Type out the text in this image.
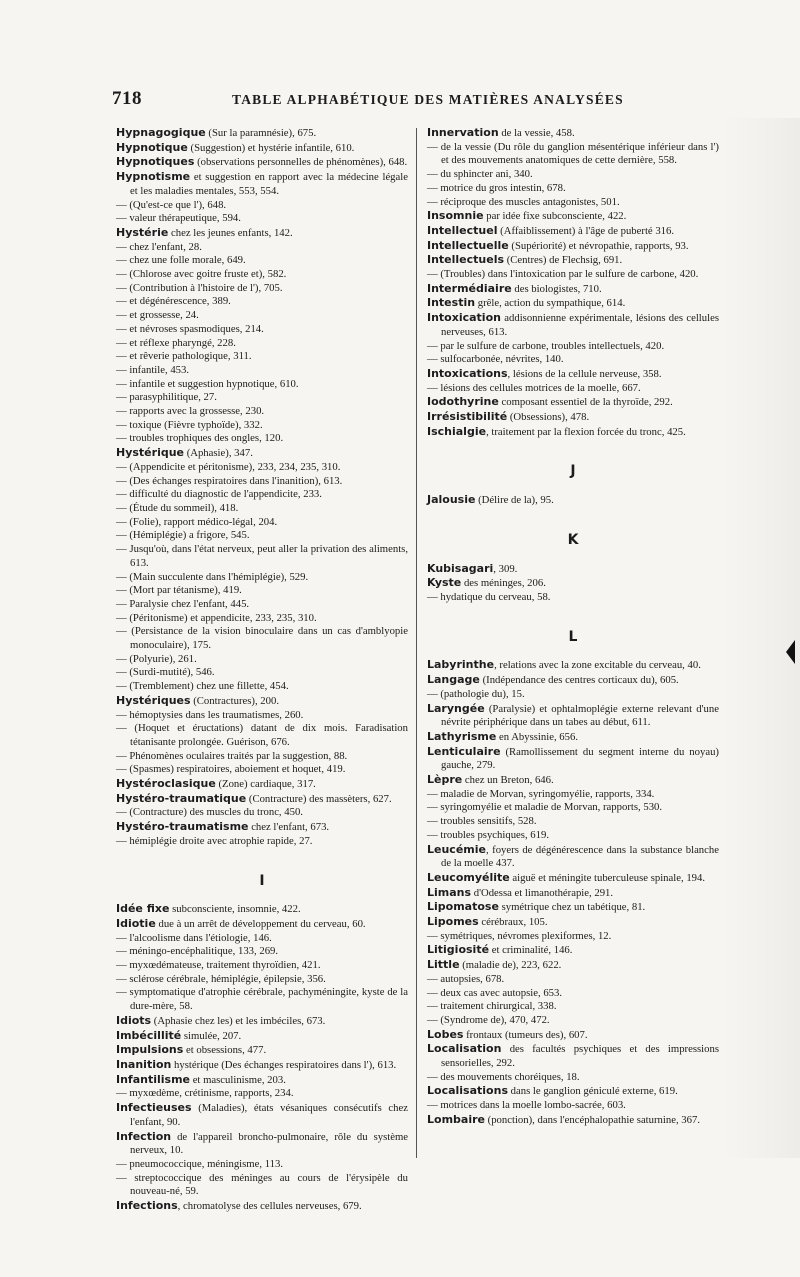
718	TABLE ALPHABÉTIQUE DES MATIÈRES ANALYSÉES

Hypnagogique (Sur la paramnésie), 675.

Hypnotique (Suggestion) et hystérie infantile, 610.

Hypnotiques (observations personnelles de phénomènes), 648.

Hypnotisme et suggestion en rapport avec la médecine légale et les maladies mentales, 553, 554.

— (Qu'est-ce que l'), 648.

— valeur thérapeutique, 594.

Hystérie chez les jeunes enfants, 142.

— chez l'enfant, 28.

— chez une folle morale, 649.

— (Chlorose avec goitre fruste et), 582.

— (Contribution à l'histoire de l'), 705.

— et dégénérescence, 389.

— et grossesse, 24.

— et névroses spasmodiques, 214.

— et réflexe pharyngé, 228.

— et rêverie pathologique, 311.

— infantile, 453.

— infantile et suggestion hypnotique, 610.

— parasyphilitique, 27.

— rapports avec la grossesse, 230.

— toxique (Fièvre typhoïde), 332.

— troubles trophiques des ongles, 120.

Hystérique (Aphasie), 347.

— (Appendicite et péritonisme), 233, 234, 235, 310.

— (Des échanges respiratoires dans l'inanition), 613.

— difficulté du diagnostic de l'appendicite, 233.

— (Étude du sommeil), 418.

— (Folie), rapport médico-légal, 204.

— (Hémiplégie) a frigore, 545.

— Jusqu'où, dans l'état nerveux, peut aller la privation des aliments, 613.

— (Main succulente dans l'hémiplégie), 529.

— (Mort par tétanisme), 419.

— Paralysie chez l'enfant, 445.

— (Péritonisme) et appendicite, 233, 235, 310.

— (Persistance de la vision binoculaire dans un cas d'amblyopie monoculaire), 175.

— (Polyurie), 261.

— (Surdi-mutité), 546.

— (Tremblement) chez une fillette, 454.

Hystériques (Contractures), 200.

— hémoptysies dans les traumatismes, 260.

— (Hoquet et éructations) datant de dix mois. Faradisation tétanisante prolongée. Guérison, 676.

— Phénomènes oculaires traités par la suggestion, 88.

— (Spasmes) respiratoires, aboiement et hoquet, 419.

Hystéroclasique (Zone) cardiaque, 317.

Hystéro-traumatique (Contracture) des massèters, 627.

— (Contracture) des muscles du tronc, 450.

Hystéro-traumatisme chez l'enfant, 673.

— hémiplégie droite avec atrophie rapide, 27.

I

Idée fixe subconsciente, insomnie, 422.

Idiotie due à un arrêt de développement du cerveau, 60.

— l'alcoolisme dans l'étiologie, 146.

— méningo-encéphalitique, 133, 269.

— myxœdémateuse, traitement thyroïdien, 421.

— sclérose cérébrale, hémiplégie, épilepsie, 356.

— symptomatique d'atrophie cérébrale, pachyméningite, kyste de la dure-mère, 58.

Idiots (Aphasie chez les) et les imbéciles, 673.

Imbécillité simulée, 207.

Impulsions et obsessions, 477.

Inanition hystérique (Des échanges respiratoires dans l'), 613.

Infantilisme et masculinisme, 203.

— myxœdème, crétinisme, rapports, 234.

Infectieuses (Maladies), états vésaniques consécutifs chez l'enfant, 90.

Infection de l'appareil broncho-pulmonaire, rôle du système nerveux, 10.

— pneumococcique, méningisme, 113.

— streptococcique des méninges au cours de l'érysipèle du nouveau-né, 59.

Infections, chromatolyse des cellules nerveuses, 679.

Innervation de la vessie, 458.

— de la vessie (Du rôle du ganglion mésentérique inférieur dans l') et des mouvements anatomiques de cette dernière, 558.

— du sphincter ani, 340.

— motrice du gros intestin, 678.

— réciproque des muscles antagonistes, 501.

Insomnie par idée fixe subconsciente, 422.

Intellectuel (Affaiblissement) à l'âge de puberté 316.

Intellectuelle (Supériorité) et névropathie, rapports, 93.

Intellectuels (Centres) de Flechsig, 691.

— (Troubles) dans l'intoxication par le sulfure de carbone, 420.

Intermédiaire des biologistes, 710.

Intestin grêle, action du sympathique, 614.

Intoxication addisonnienne expérimentale, lésions des cellules nerveuses, 613.

— par le sulfure de carbone, troubles intellectuels, 420.

— sulfocarbonée, névrites, 140.

Intoxications, lésions de la cellule nerveuse, 358.

— lésions des cellules motrices de la moelle, 667.

Iodothyrine composant essentiel de la thyroïde, 292.

Irrésistibilité (Obsessions), 478.

Ischialgie, traitement par la flexion forcée du tronc, 425.

J

Jalousie (Délire de la), 95.

K

Kubisagari, 309.

Kyste des méninges, 206.

— hydatique du cerveau, 58.

L

Labyrinthe, relations avec la zone excitable du cerveau, 40.

Langage (Indépendance des centres corticaux du), 605.

— (pathologie du), 15.

Laryngée (Paralysie) et ophtalmoplégie externe relevant d'une névrite périphérique dans un tabes au début, 611.

Lathyrisme en Abyssinie, 656.

Lenticulaire (Ramollissement du segment interne du noyau) gauche, 279.

Lèpre chez un Breton, 646.

— maladie de Morvan, syringomyélie, rapports, 334.

— syringomyélie et maladie de Morvan, rapports, 530.

— troubles sensitifs, 528.

— troubles psychiques, 619.

Leucémie, foyers de dégénérescence dans la substance blanche de la moelle 437.

Leucomyélite aiguë et méningite tuberculeuse spinale, 194.

Limans d'Odessa et limanothérapie, 291.

Lipomatose symétrique chez un tabétique, 81.

Lipomes cérébraux, 105.

— symétriques, névromes plexiformes, 12.

Litigiosité et criminalité, 146.

Little (maladie de), 223, 622.

— autopsies, 678.

— deux cas avec autopsie, 653.

— traitement chirurgical, 338.

— (Syndrome de), 470, 472.

Lobes frontaux (tumeurs des), 607.

Localisation des facultés psychiques et des impressions sensorielles, 292.

— des mouvements choréiques, 18.

Localisations dans le ganglion géniculé externe, 619.

— motrices dans la moelle lombo-sacrée, 603.

Lombaire (ponction), dans l'encéphalopathie saturnine, 367.
